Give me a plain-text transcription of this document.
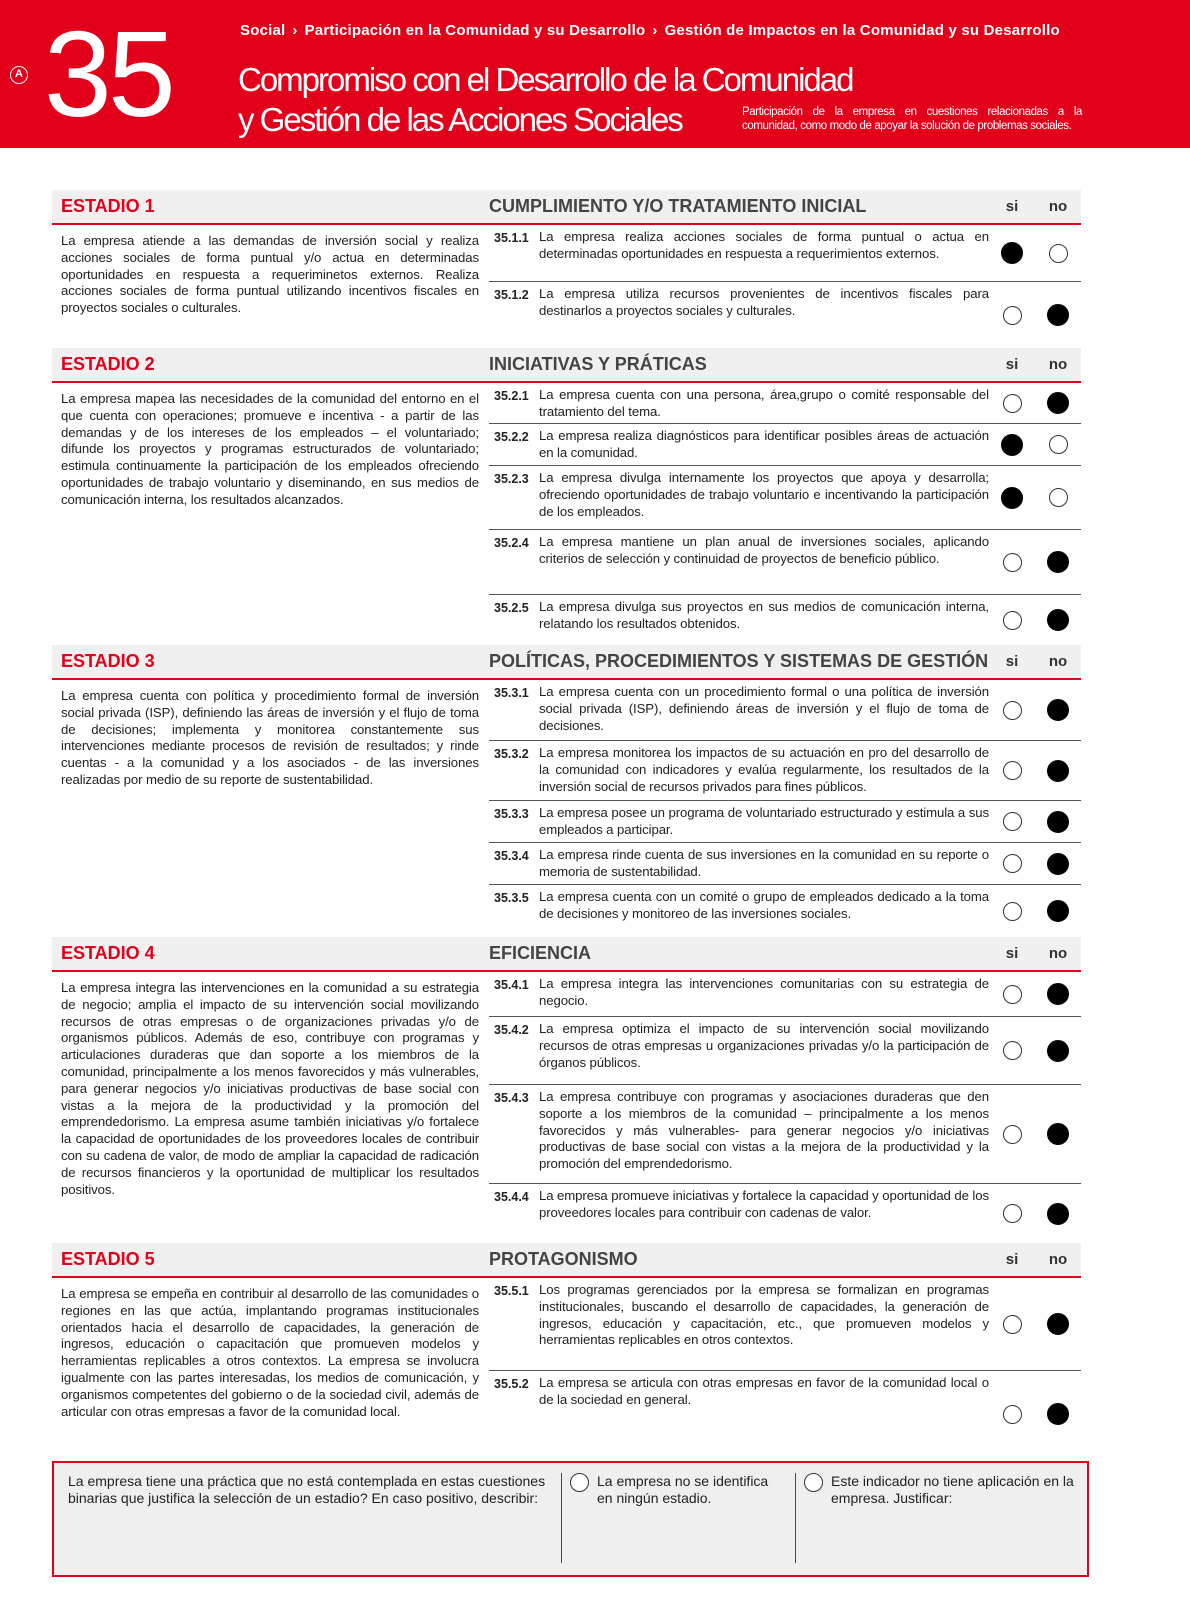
A 35	Social › Participación en la Comunidad y su Desarrollo › Gestión de Impactos en la Comunidad y su Desarrollo
Compromiso con el Desarrollo de la Comunidad
y Gestión de las Acciones Sociales	Participación de la empresa en cuestiones relacionadas a la comunidad, como modo de apoyar la solución de problemas sociales.
ESTADIO 1	CUMPLIMIENTO Y/O TRATAMIENTO INICIAL	si	no
La empresa atiende a las demandas de inversión social y realiza acciones sociales de forma puntual y/o actua en determinadas oportunidades en respuesta a requeriminetos externos. Realiza acciones sociales de forma puntual utilizando incentivos fiscales en proyectos sociales o culturales.
35.1.1 La empresa realiza acciones sociales de forma puntual o actua en determinadas oportunidades en respuesta a requerimientos externos.
35.1.2 La empresa utiliza recursos provenientes de incentivos fiscales para destinarlos a proyectos sociales y culturales.
ESTADIO 2	INICIATIVAS Y PRÁTICAS	si	no
La empresa mapea las necesidades de la comunidad del entorno en el que cuenta con operaciones; promueve e incentiva - a partir de las demandas y de los intereses de los empleados – el voluntariado; difunde los proyectos y programas estructurados de voluntariado; estimula continuamente la participación de los empleados ofreciendo oportunidades de trabajo voluntario y diseminando, en sus medios de comunicación interna, los resultados alcanzados.
35.2.1 La empresa cuenta con una persona, área,grupo o comité responsable del tratamiento del tema.
35.2.2 La empresa realiza diagnósticos para identificar posibles áreas de actuación en la comunidad.
35.2.3 La empresa divulga internamente los proyectos que apoya y desarrolla; ofreciendo oportunidades de trabajo voluntario e incentivando la participación de los empleados.
35.2.4 La empresa mantiene un plan anual de inversiones sociales, aplicando criterios de selección y continuidad de proyectos de beneficio público.
35.2.5 La empresa divulga sus proyectos en sus medios de comunicación interna, relatando los resultados obtenidos.
ESTADIO 3	POLÍTICAS, PROCEDIMIENTOS Y SISTEMAS DE GESTIÓN	si	no
La empresa cuenta con política y procedimiento formal de inversión social privada (ISP), definiendo las áreas de inversión y el flujo de toma de decisiones; implementa y monitorea constantemente sus intervenciones mediante procesos de revisión de resultados; y rinde cuentas - a la comunidad y a los asociados - de las inversiones realizadas por medio de su reporte de sustentabilidad.
35.3.1 La empresa cuenta con un procedimiento formal o una política de inversión social privada (ISP), definiendo áreas de inversión y el flujo de toma de decisiones.
35.3.2 La empresa monitorea los impactos de su actuación en pro del desarrollo de la comunidad con indicadores y evalúa regularmente, los resultados de la inversión social de recursos privados para fines públicos.
35.3.3 La empresa posee un programa de voluntariado estructurado y estimula a sus empleados a participar.
35.3.4 La empresa rinde cuenta de sus inversiones en la comunidad en su reporte o memoria de sustentabilidad.
35.3.5 La empresa cuenta con un comité o grupo de empleados dedicado a la toma de decisiones y monitoreo de las inversiones sociales.
ESTADIO 4	EFICIENCIA	si	no
La empresa integra las intervenciones en la comunidad a su estrategia de negocio; amplia el impacto de su intervención social movilizando recursos de otras empresas o de organizaciones privadas y/o de organismos públicos. Además de eso, contribuye con programas y articulaciones duraderas que dan soporte a los miembros de la comunidad, principalmente a los menos favorecidos y más vulnerables, para generar negocios y/o iniciativas productivas de base social con vistas a la mejora de la productividad y la promoción del emprendedorismo. La empresa asume también iniciativas y/o fortalece la capacidad de oportunidades de los proveedores locales de contribuir con su cadena de valor, de modo de ampliar la capacidad de radicación de recursos financieros y la oportunidad de multiplicar los resultados positivos.
35.4.1 La empresa integra las intervenciones comunitarias con su estrategia de negocio.
35.4.2 La empresa optimiza el impacto de su intervención social movilizando recursos de otras empresas u organizaciones privadas y/o la participación de órganos públicos.
35.4.3 La empresa contribuye con programas y asociaciones duraderas que den soporte a los miembros de la comunidad – principalmente a los menos favorecidos y más vulnerables- para generar negocios y/o iniciativas productivas de base social con vistas a la mejora de la productividad y la promoción del emprendedorismo.
35.4.4 La empresa promueve iniciativas y fortalece la capacidad y oportunidad de los proveedores locales para contribuir con cadenas de valor.
ESTADIO 5	PROTAGONISMO	si	no
La empresa se empeña en contribuir al desarrollo de las comunidades o regiones en las que actúa, implantando programas institucionales orientados hacia el desarrollo de capacidades, la generación de ingresos, educación o capacitación que promueven modelos y herramientas replicables a otros contextos. La empresa se involucra igualmente con las partes interesadas, los medios de comunicación, y organismos competentes del gobierno o de la sociedad civil, además de articular con otras empresas a favor de la comunidad local.
35.5.1 Los programas gerenciados por la empresa se formalizan en programas institucionales, buscando el desarrollo de capacidades, la generación de ingresos, educación y capacitación, etc., que promueven modelos y herramientas replicables en otros contextos.
35.5.2 La empresa se articula con otras empresas en favor de la comunidad local o de la sociedad en general.
La empresa tiene una práctica que no está contemplada en estas cuestiones binarias que justifica la selección de un estadio? En caso positivo, describir:
La empresa no se identifica en ningún estadio.
Este indicador no tiene aplicación en la empresa. Justificar:
